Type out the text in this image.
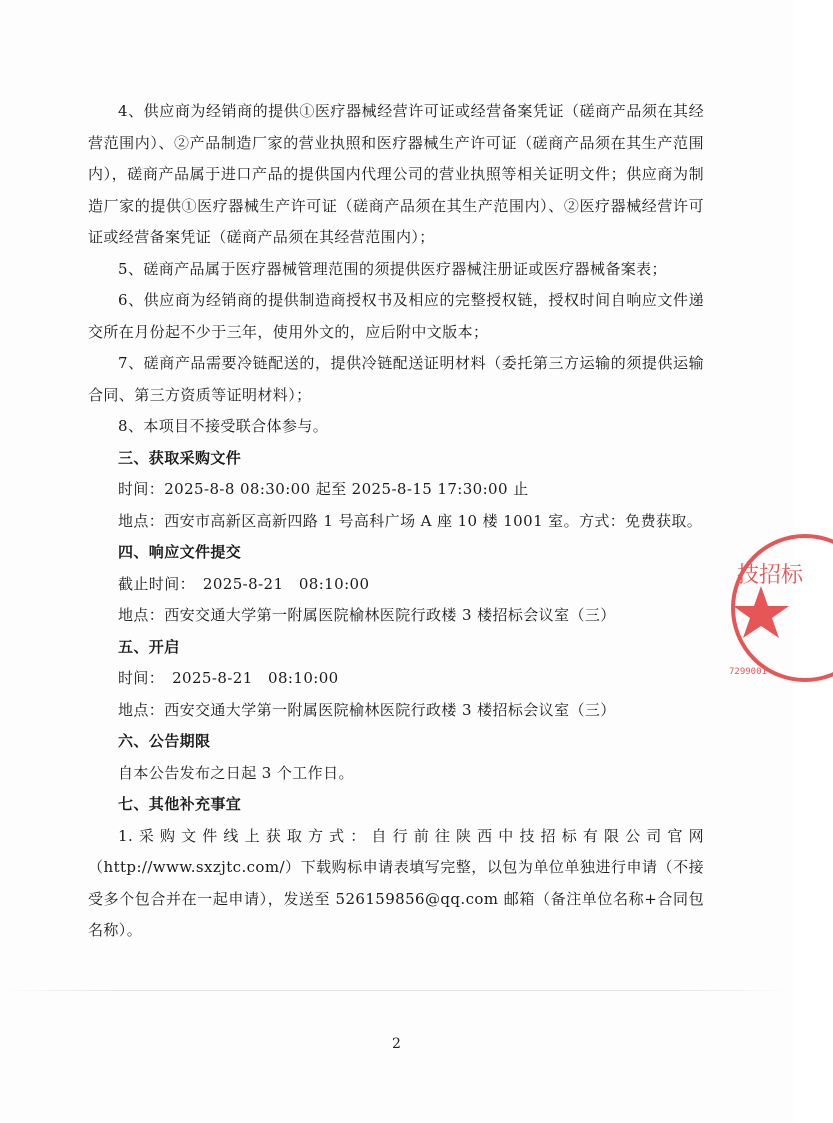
4、供应商为经销商的提供①医疗器械经营许可证或经营备案凭证（磋商产品须在其经营范围内）、②产品制造厂家的营业执照和医疗器械生产许可证（磋商产品须在其生产范围内），磋商产品属于进口产品的提供国内代理公司的营业执照等相关证明文件；供应商为制造厂家的提供①医疗器械生产许可证（磋商产品须在其生产范围内）、②医疗器械经营许可证或经营备案凭证（磋商产品须在其经营范围内）；

5、磋商产品属于医疗器械管理范围的须提供医疗器械注册证或医疗器械备案表；

6、供应商为经销商的提供制造商授权书及相应的完整授权链，授权时间自响应文件递交所在月份起不少于三年，使用外文的，应后附中文版本；

7、磋商产品需要冷链配送的，提供冷链配送证明材料（委托第三方运输的须提供运输合同、第三方资质等证明材料）；

8、本项目不接受联合体参与。

三、获取采购文件

时间：2025-8-8 08:30:00 起至 2025-8-15 17:30:00 止

地点：西安市高新区高新四路 1 号高科广场 A 座 10 楼 1001 室。方式：免费获取。

四、响应文件提交

截止时间：　2025-8-21　08:10:00

地点：西安交通大学第一附属医院榆林医院行政楼 3 楼招标会议室（三）

五、开启

时间：　2025-8-21　08:10:00

地点：西安交通大学第一附属医院榆林医院行政楼 3 楼招标会议室（三）

六、公告期限

自本公告发布之日起 3 个工作日。

七、其他补充事宜

1.采购文件线上获取方式：自行前往陕西中技招标有限公司官网（http://www.sxzjtc.com/）下载购标申请表填写完整，以包为单位单独进行申请（不接受多个包合并在一起申请），发送至 526159856@qq.com 邮箱（备注单位名称+合同包名称）。

2
技招标
7299001
